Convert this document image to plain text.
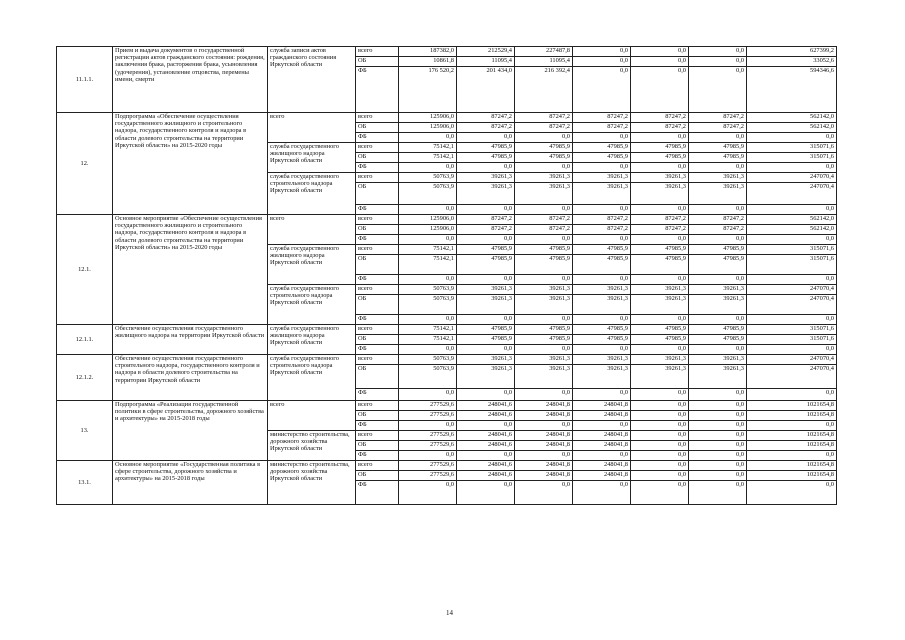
11.1.1.	Прием и выдача документов о государственной регистрации актов гражданского состояния: рождения, заключения брака, расторжения брака, усыновления (удочерения), установление отцовства, перемены имени, смерти	служба записи актов гражданского состояния Иркутской области	всего	187382,0	212529,4	227487,8	0,0	0,0	0,0	627399,2
			ОБ	10861,8	11095,4	11095,4	0,0	0,0	0,0	33052,6
			ФБ	176 520,2	201 434,0	216 392,4	0,0	0,0	0,0	594346,6
12.	Подпрограмма «Обеспечение осуществления государственного жилищного и строительного надзора, государственного контроля и надзора в области долевого строительства на территории Иркутской области» на 2015-2020 годы	всего	всего	125906,0	87247,2	87247,2	87247,2	87247,2	87247,2	562142,0
			ОБ	125906,0	87247,2	87247,2	87247,2	87247,2	87247,2	562142,0
			ФБ	0,0	0,0	0,0	0,0	0,0	0,0	0,0
		служба государственного жилищного надзора Иркутской области	всего	75142,1	47985,9	47985,9	47985,9	47985,9	47985,9	315071,6
			ОБ	75142,1	47985,9	47985,9	47985,9	47985,9	47985,9	315071,6
			ФБ	0,0	0,0	0,0	0,0	0,0	0,0	0,0
		служба государственного строительного надзора Иркутской области	всего	50763,9	39261,3	39261,3	39261,3	39261,3	39261,3	247070,4
			ОБ	50763,9	39261,3	39261,3	39261,3	39261,3	39261,3	247070,4
			ФБ	0,0	0,0	0,0	0,0	0,0	0,0	0,0
12.1.	Основное мероприятие «Обеспечение осуществления государственного жилищного и строительного надзора, государственного контроля и надзора в области долевого строительства на территории Иркутской области» на 2015-2020 годы	всего	всего	125906,0	87247,2	87247,2	87247,2	87247,2	87247,2	562142,0
			ОБ	125906,0	87247,2	87247,2	87247,2	87247,2	87247,2	562142,0
			ФБ	0,0	0,0	0,0	0,0	0,0	0,0	0,0
		служба государственного жилищного надзора Иркутской области	всего	75142,1	47985,9	47985,9	47985,9	47985,9	47985,9	315071,6
			ОБ	75142,1	47985,9	47985,9	47985,9	47985,9	47985,9	315071,6
			ФБ	0,0	0,0	0,0	0,0	0,0	0,0	0,0
		служба государственного строительного надзора Иркутской области	всего	50763,9	39261,3	39261,3	39261,3	39261,3	39261,3	247070,4
			ОБ	50763,9	39261,3	39261,3	39261,3	39261,3	39261,3	247070,4
			ФБ	0,0	0,0	0,0	0,0	0,0	0,0	0,0
12.1.1.	Обеспечение осуществления государственного жилищного надзора на территории Иркутской области	служба государственного жилищного надзора Иркутской области	всего	75142,1	47985,9	47985,9	47985,9	47985,9	47985,9	315071,6
			ОБ	75142,1	47985,9	47985,9	47985,9	47985,9	47985,9	315071,6
			ФБ	0,0	0,0	0,0	0,0	0,0	0,0	0,0
12.1.2.	Обеспечение осуществления государственного строительного надзора, государственного контроля и надзора в области долевого строительства на территории Иркутской области	служба государственного строительного надзора Иркутской области	всего	50763,9	39261,3	39261,3	39261,3	39261,3	39261,3	247070,4
			ОБ	50763,9	39261,3	39261,3	39261,3	39261,3	39261,3	247070,4
			ФБ	0,0	0,0	0,0	0,0	0,0	0,0	0,0
13.	Подпрограмма «Реализация государственной политики в сфере строительства, дорожного хозяйства и архитектуры» на 2015-2018 годы	всего	всего	277529,6	248041,6	248041,8	248041,8	0,0	0,0	1021654,8
			ОБ	277529,6	248041,6	248041,8	248041,8	0,0	0,0	1021654,8
			ФБ	0,0	0,0	0,0	0,0	0,0	0,0	0,0
		министерство строительства, дорожного хозяйства Иркутской области	всего	277529,6	248041,6	248041,8	248041,8	0,0	0,0	1021654,8
			ОБ	277529,6	248041,6	248041,8	248041,8	0,0	0,0	1021654,8
			ФБ	0,0	0,0	0,0	0,0	0,0	0,0	0,0
13.1.	Основное мероприятие «Государственная политика в сфере строительства, дорожного хозяйства и архитектуры» на 2015-2018 годы	министерство строительства, дорожного хозяйства Иркутской области	всего	277529,6	248041,6	248041,8	248041,8	0,0	0,0	1021654,8
			ОБ	277529,6	248041,6	248041,8	248041,8	0,0	0,0	1021654,8
			ФБ	0,0	0,0	0,0	0,0	0,0	0,0	0,0
14
